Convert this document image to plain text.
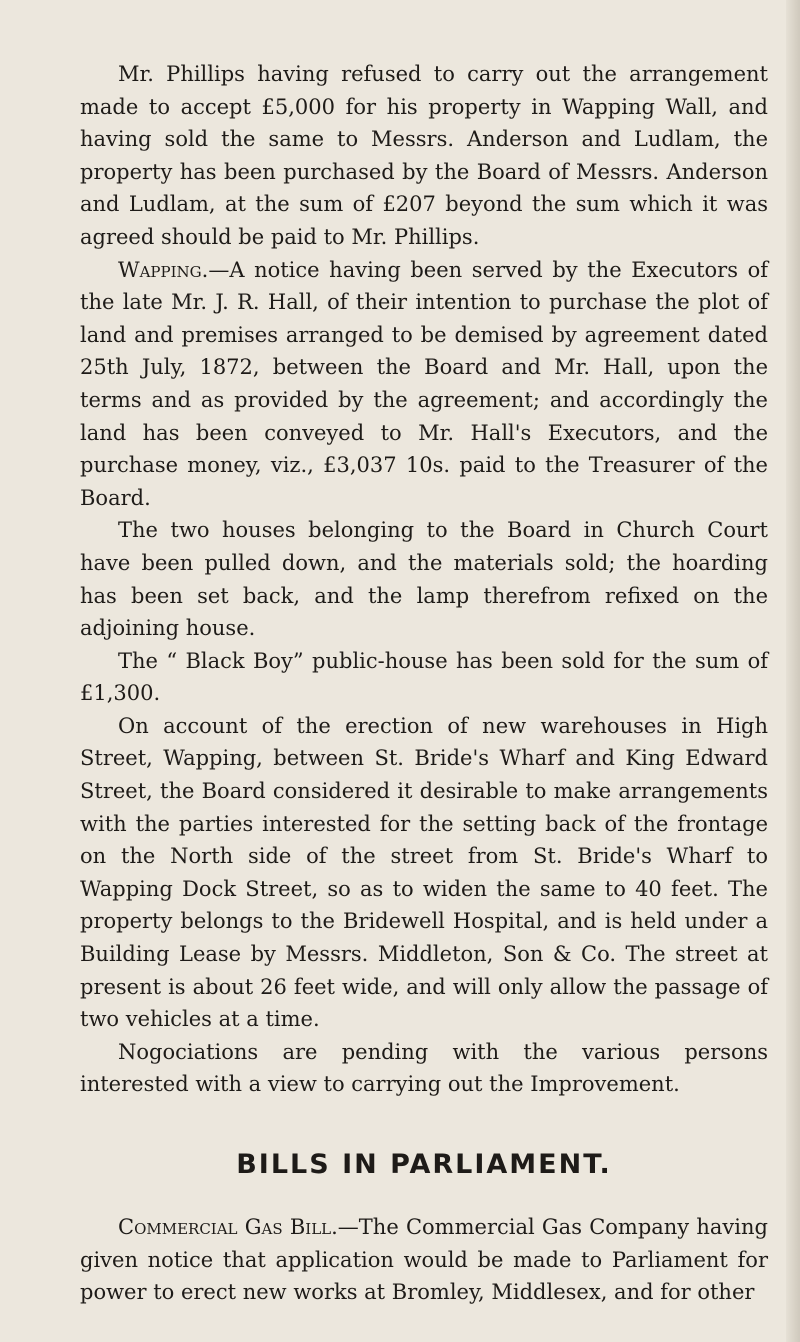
Mr. Phillips having refused to carry out the arrangement made to accept £5,000 for his property in Wapping Wall, and having sold the same to Messrs. Anderson and Ludlam, the property has been purchased by the Board of Messrs. Anderson and Ludlam, at the sum of £207 beyond the sum which it was agreed should be paid to Mr. Phillips.

Wapping.—A notice having been served by the Executors of the late Mr. J. R. Hall, of their intention to purchase the plot of land and premises arranged to be demised by agreement dated 25th July, 1872, between the Board and Mr. Hall, upon the terms and as provided by the agreement; and accordingly the land has been conveyed to Mr. Hall's Executors, and the purchase money, viz., £3,037 10s. paid to the Treasurer of the Board.

The two houses belonging to the Board in Church Court have been pulled down, and the materials sold; the hoarding has been set back, and the lamp therefrom refixed on the adjoining house.

The “ Black Boy” public-house has been sold for the sum of £1,300.

On account of the erection of new warehouses in High Street, Wapping, between St. Bride's Wharf and King Edward Street, the Board considered it desirable to make arrangements with the parties interested for the setting back of the frontage on the North side of the street from St. Bride's Wharf to Wapping Dock Street, so as to widen the same to 40 feet. The property belongs to the Bridewell Hospital, and is held under a Building Lease by Messrs. Middleton, Son & Co. The street at present is about 26 feet wide, and will only allow the passage of two vehicles at a time.

Nogociations are pending with the various persons interested with a view to carrying out the Improvement.

BILLS IN PARLIAMENT.

Commercial Gas Bill.—The Commercial Gas Company having given notice that application would be made to Parliament for power to erect new works at Bromley, Middlesex, and for other
